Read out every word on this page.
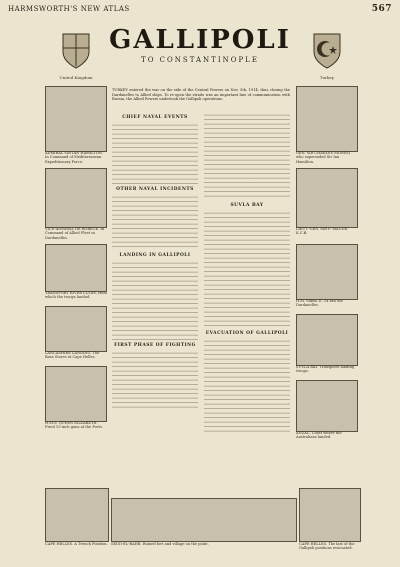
HARMSWORTH'S NEW ATLAS	567
United Kingdom	Turkey
GALLIPOLI
TO CONSTANTINOPLE
ADMIRAL SIR IAN HAMILTON. In Command of Mediterranean Expeditionary Force.
VICE-ADMIRAL DE ROBECK. In Command of Allied Fleet in Dardanelles.
TRANSPORT RIVER CLYDE, from which the troops landed.
LANCASHIRE LANDING. The Base Stores at Cape Helles.
H.M.S. QUEEN ELIZABETH. Fired 15-inch guns at the Forts.
GEN. SIR CHARLES MONRO, who superseded Sir Ian Hamilton.
LIEUT.-GEN. SIR F. MAUDE, K.C.B.
H.M. Subm. E. 14 ran the Dardanelles.
SUVLA BAY. Transports landing troops.
ANZAC. Coast where the Australians landed.
TURKEY entered the war on the side of the Central Powers on Nov. 5th, 1914, thus closing the Dardanelles to Allied ships. To re-open the straits was an important line of communication with Russia, the Allied Powers undertook the Gallipoli operations.
CHIEF NAVAL EVENTS
OTHER NAVAL INCIDENTS
LANDING IN GALLIPOLI
FIRST PHASE OF FIGHTING
SUVLA BAY
EVACUATION OF GALLIPOLI
CAPE HELLES. A Trench Position. SEDD-EL-BAHR. Ruined fort and village on the point.	CAPE HELLES. The last of the Gallipoli positions evacuated.
